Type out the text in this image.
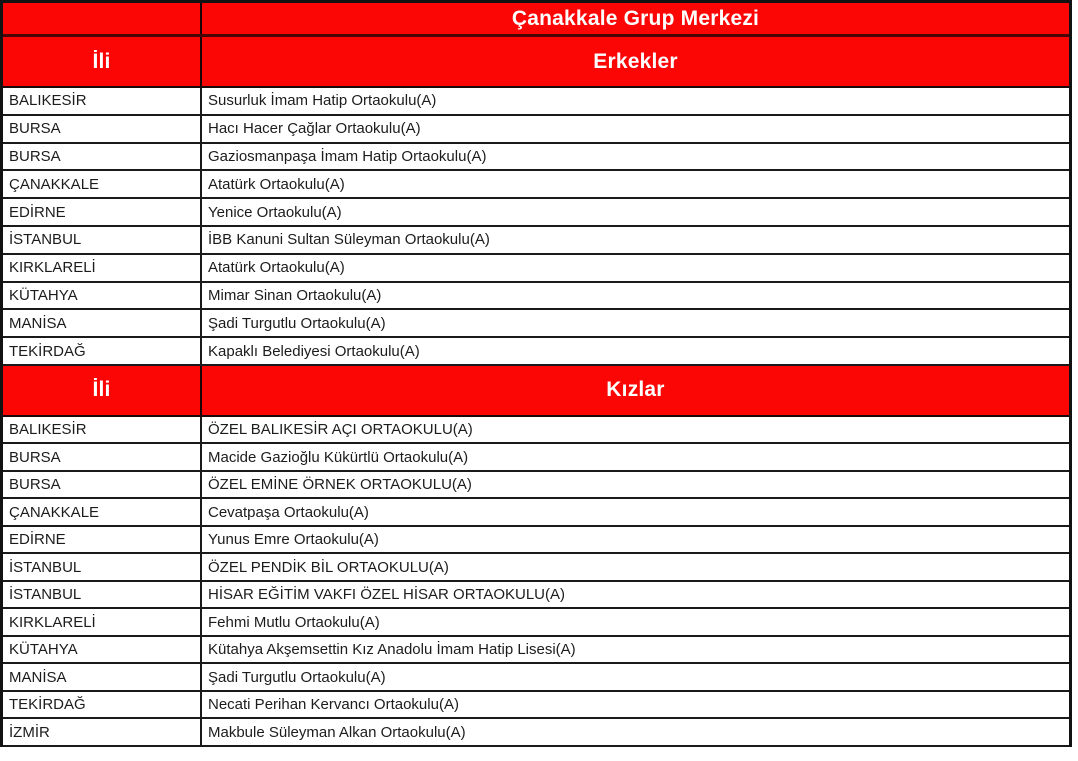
Çanakkale Grup Merkezi
İli	Erkekler
BALIKESİR	Susurluk İmam Hatip Ortaokulu(A)
BURSA	Hacı Hacer Çağlar Ortaokulu(A)
BURSA	Gaziosmanpaşa İmam Hatip Ortaokulu(A)
ÇANAKKALE	Atatürk Ortaokulu(A)
EDİRNE	Yenice Ortaokulu(A)
İSTANBUL	İBB Kanuni Sultan Süleyman Ortaokulu(A)
KIRKLARELİ	Atatürk Ortaokulu(A)
KÜTAHYA	Mimar Sinan Ortaokulu(A)
MANİSA	Şadi Turgutlu Ortaokulu(A)
TEKİRDAĞ	Kapaklı Belediyesi Ortaokulu(A)
İli	Kızlar
BALIKESİR	ÖZEL BALIKESİR AÇI ORTAOKULU(A)
BURSA	Macide Gazioğlu Kükürtlü Ortaokulu(A)
BURSA	ÖZEL EMİNE ÖRNEK ORTAOKULU(A)
ÇANAKKALE	Cevatpaşa Ortaokulu(A)
EDİRNE	Yunus Emre Ortaokulu(A)
İSTANBUL	ÖZEL PENDİK BİL ORTAOKULU(A)
İSTANBUL	HİSAR EĞİTİM VAKFI ÖZEL HİSAR ORTAOKULU(A)
KIRKLARELİ	Fehmi Mutlu Ortaokulu(A)
KÜTAHYA	Kütahya Akşemsettin Kız Anadolu İmam Hatip Lisesi(A)
MANİSA	Şadi Turgutlu Ortaokulu(A)
TEKİRDAĞ	Necati Perihan Kervancı Ortaokulu(A)
İZMİR	Makbule Süleyman Alkan Ortaokulu(A)
